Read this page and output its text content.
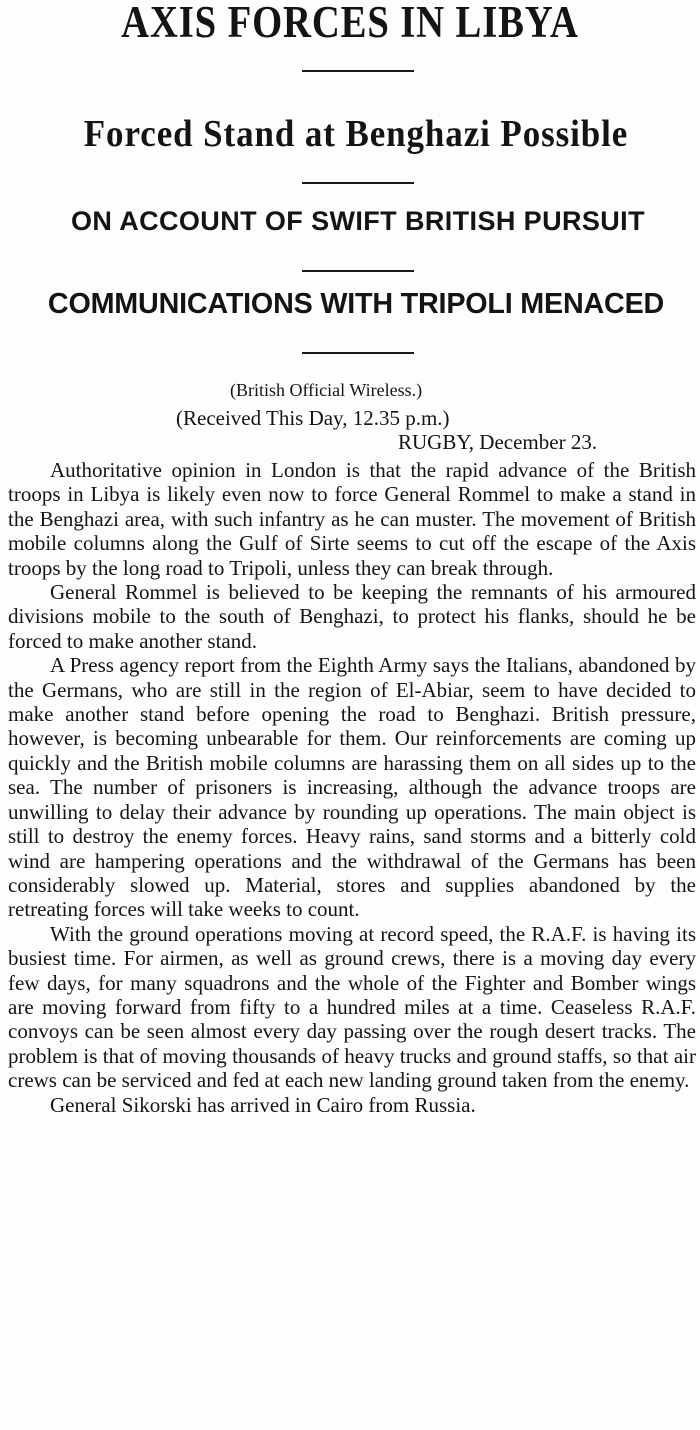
AXIS FORCES IN LIBYA
Forced Stand at Benghazi Possible
ON ACCOUNT OF SWIFT BRITISH PURSUIT
COMMUNICATIONS WITH TRIPOLI MENACED
(British Official Wireless.)
(Received This Day, 12.35 p.m.)
RUGBY, December 23.

Authoritative opinion in London is that the rapid advance of the British troops in Libya is likely even now to force General Rommel to make a stand in the Benghazi area, with such infantry as he can muster. The movement of British mobile columns along the Gulf of Sirte seems to cut off the escape of the Axis troops by the long road to Tripoli, unless they can break through.

General Rommel is believed to be keeping the remnants of his armoured divisions mobile to the south of Benghazi, to protect his flanks, should he be forced to make another stand.

A Press agency report from the Eighth Army says the Italians, abandoned by the Germans, who are still in the region of El-Abiar, seem to have decided to make another stand before opening the road to Benghazi. British pressure, however, is becoming unbearable for them. Our reinforcements are coming up quickly and the British mobile columns are harassing them on all sides up to the sea. The number of prisoners is increasing, although the advance troops are unwilling to delay their advance by rounding up operations. The main object is still to destroy the enemy forces. Heavy rains, sand storms and a bitterly cold wind are hampering operations and the withdrawal of the Germans has been considerably slowed up. Material, stores and supplies abandoned by the retreating forces will take weeks to count.

With the ground operations moving at record speed, the R.A.F. is having its busiest time. For airmen, as well as ground crews, there is a moving day every few days, for many squadrons and the whole of the Fighter and Bomber wings are moving forward from fifty to a hundred miles at a time. Ceaseless R.A.F. convoys can be seen almost every day passing over the rough desert tracks. The problem is that of moving thousands of heavy trucks and ground staffs, so that air crews can be serviced and fed at each new landing ground taken from the enemy.

General Sikorski has arrived in Cairo from Russia.
